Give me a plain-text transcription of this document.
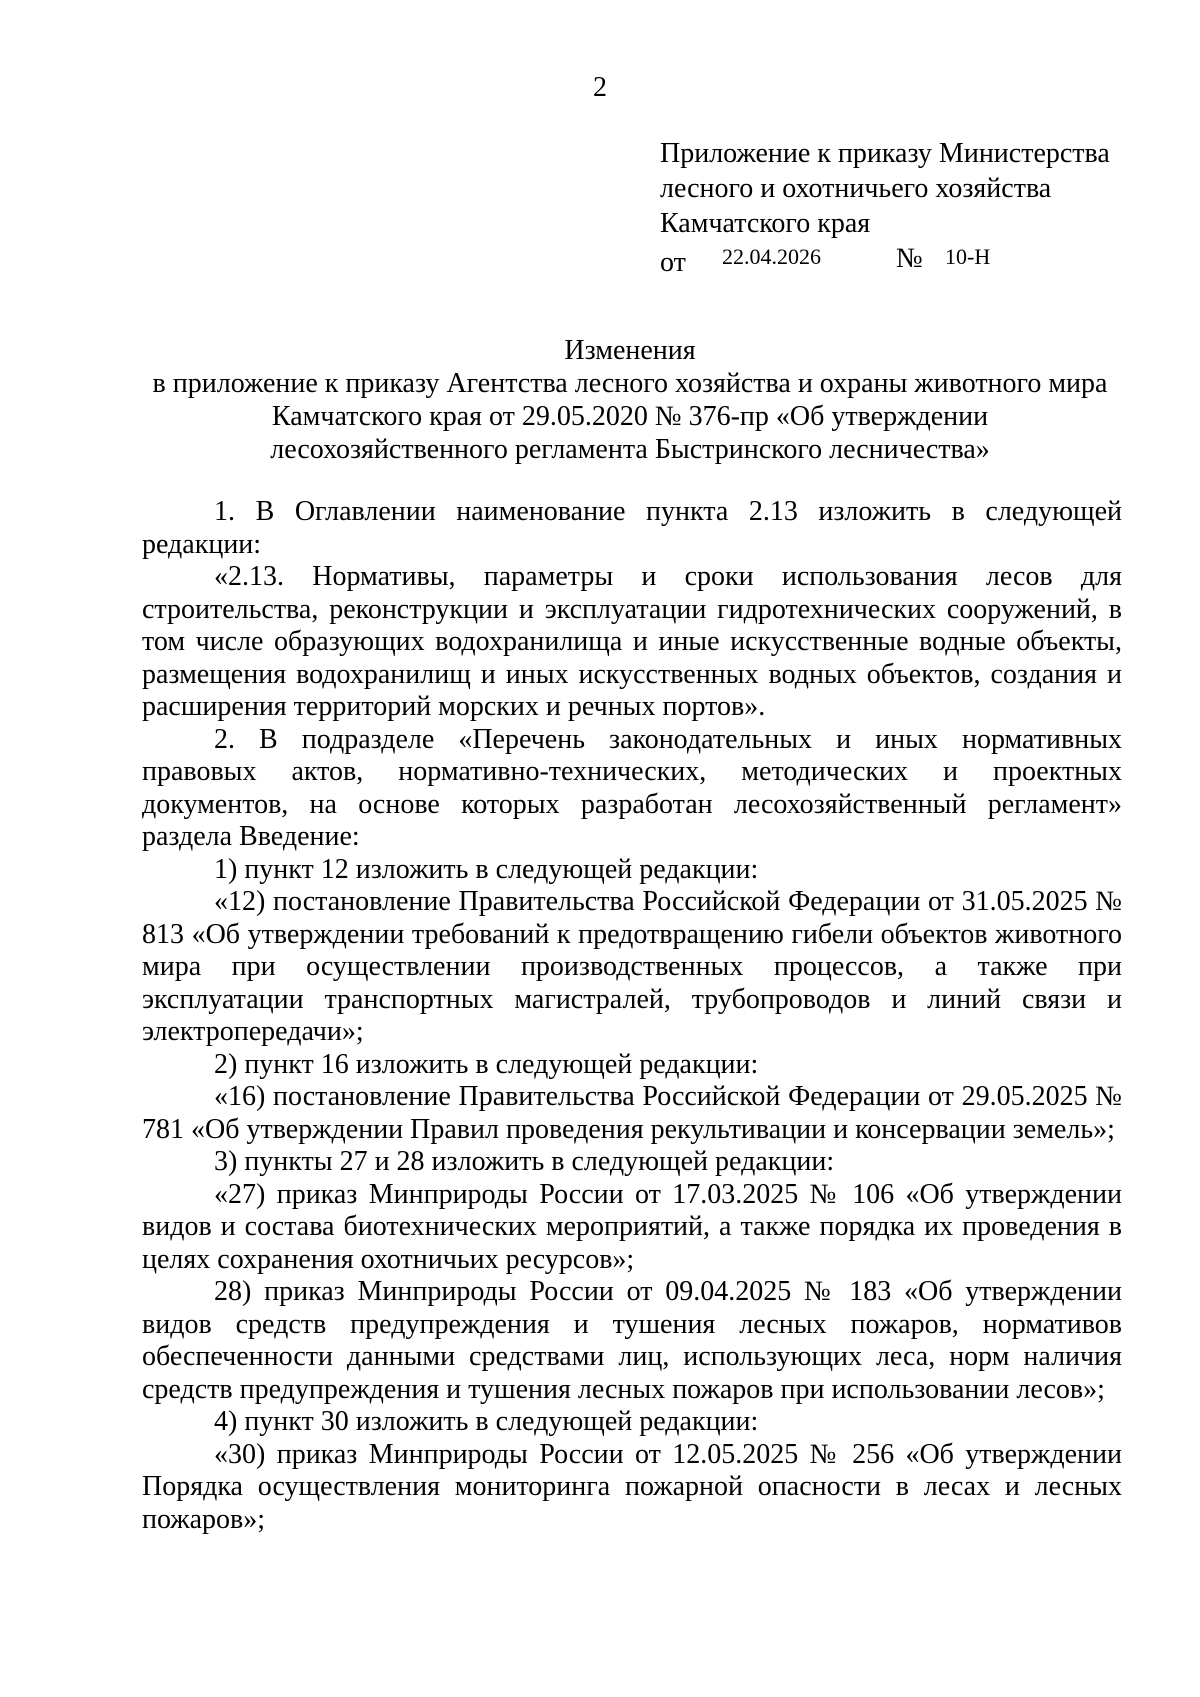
2
Приложение к приказу Министерства
лесного и охотничьего хозяйства
Камчатского края
от 22.04.2026	№ 10-Н
Изменения
в приложение к приказу Агентства лесного хозяйства и охраны животного мира
Камчатского края от 29.05.2020 № 376-пр «Об утверждении
лесохозяйственного регламента Быстринского лесничества»

1. В Оглавлении наименование пункта 2.13 изложить в следующей редакции:

«2.13. Нормативы, параметры и сроки использования лесов для строительства, реконструкции и эксплуатации гидротехнических сооружений, в том числе образующих водохранилища и иные искусственные водные объекты, размещения водохранилищ и иных искусственных водных объектов, создания и расширения территорий морских и речных портов».

2. В подразделе «Перечень законодательных и иных нормативных правовых актов, нормативно-технических, методических и проектных документов, на основе которых разработан лесохозяйственный регламент» раздела Введение:

1) пункт 12 изложить в следующей редакции:

«12) постановление Правительства Российской Федерации от 31.05.2025 № 813 «Об утверждении требований к предотвращению гибели объектов животного мира при осуществлении производственных процессов, а также при эксплуатации транспортных магистралей, трубопроводов и линий связи и электропередачи»;

2) пункт 16 изложить в следующей редакции:

«16) постановление Правительства Российской Федерации от 29.05.2025 № 781 «Об утверждении Правил проведения рекультивации и консервации земель»;

3) пункты 27 и 28 изложить в следующей редакции:

«27) приказ Минприроды России от 17.03.2025 № 106 «Об утверждении видов и состава биотехнических мероприятий, а также порядка их проведения в целях сохранения охотничьих ресурсов»;

28) приказ Минприроды России от 09.04.2025 № 183 «Об утверждении видов средств предупреждения и тушения лесных пожаров, нормативов обеспеченности данными средствами лиц, использующих леса, норм наличия средств предупреждения и тушения лесных пожаров при использовании лесов»;

4) пункт 30 изложить в следующей редакции:

«30) приказ Минприроды России от 12.05.2025 № 256 «Об утверждении Порядка осуществления мониторинга пожарной опасности в лесах и лесных пожаров»;
